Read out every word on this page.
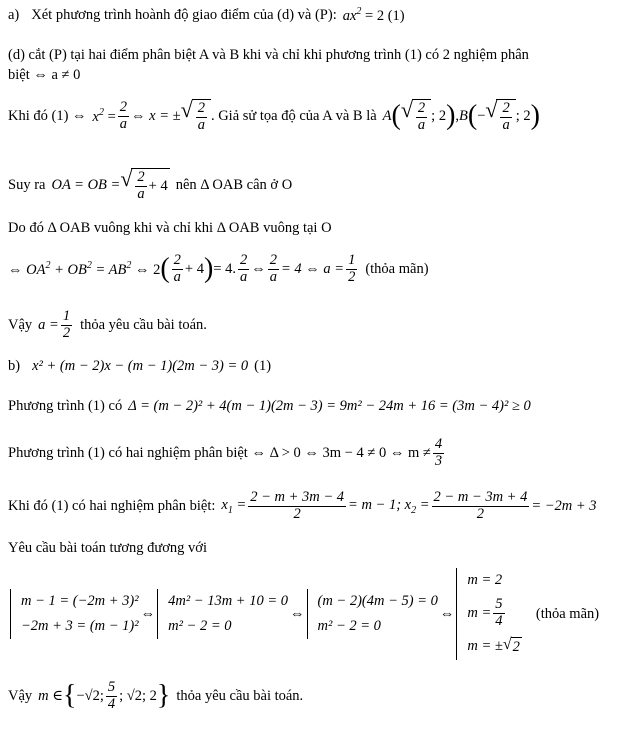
a) Xét phương trình hoành độ giao điểm của (d) và (P): $ax^2 = 2$ (1)
(d) cắt (P) tại hai điểm phân biệt A và B khi và chỉ khi phương trình (1) có 2 nghiệm phân
biệt ⇔ a ≠ 0
Khi đó (1) ⇔ $x^2 = \frac{2}{a}$ ⇔ x = ± √ $\frac{2}{a}$ . Giả sử tọa độ của A và B là A ( √ $\frac{2}{a}$ ; 2 ) , B ( − √ $\frac{2}{a}$ ; 2 )
Suy ra OA = OB = √ $\frac{2}{a} + 4$ nên Δ OAB cân ở O
Do đó Δ OAB vuông khi và chỉ khi Δ OAB vuông tại O
⇔ $OA^2 + OB^2 = AB^2$ ⇔ 2 ( $\frac{2}{a} + 4$ ) = 4. $\frac{2}{a}$ ⇔ $\frac{2}{a} = 4$ ⇔ $a = \frac{1}{2}$ (thỏa mãn)
Vậy $a = \frac{1}{2}$ thỏa yêu cầu bài toán.
b) x² + (m − 2)x − (m − 1)(2m − 3) = 0 (1)
Phương trình (1) có Δ = (m − 2)² + 4(m − 1)(2m − 3) = 9m² − 24m + 16 = (3m − 4)² ≥ 0
Phương trình (1) có hai nghiệm phân biệt ⇔ Δ > 0 ⇔ 3m − 4 ≠ 0 ⇔ $m \ne \frac{4}{3}$
Khi đó (1) có hai nghiệm phân biệt: $x_1 = \frac{2 - m + 3m - 4}{2} = m - 1$; $x_2 = \frac{2 - m - 3m + 4}{2} = -2m + 3$
Yêu cầu bài toán tương đương với
m − 1 = (−2m + 3)²
−2m + 3 = (m − 1)²
⇔
4m² − 13m + 10 = 0
m² − 2 = 0
⇔
(m − 2)(4m − 5) = 0
m² − 2 = 0
⇔
m = 2
$m = \frac{5}{4}$
m = ± √ 2
(thỏa mãn)
Vậy m ∈ { −√2; $\frac{5}{4}$ ; √2; 2 } thỏa yêu cầu bài toán.
